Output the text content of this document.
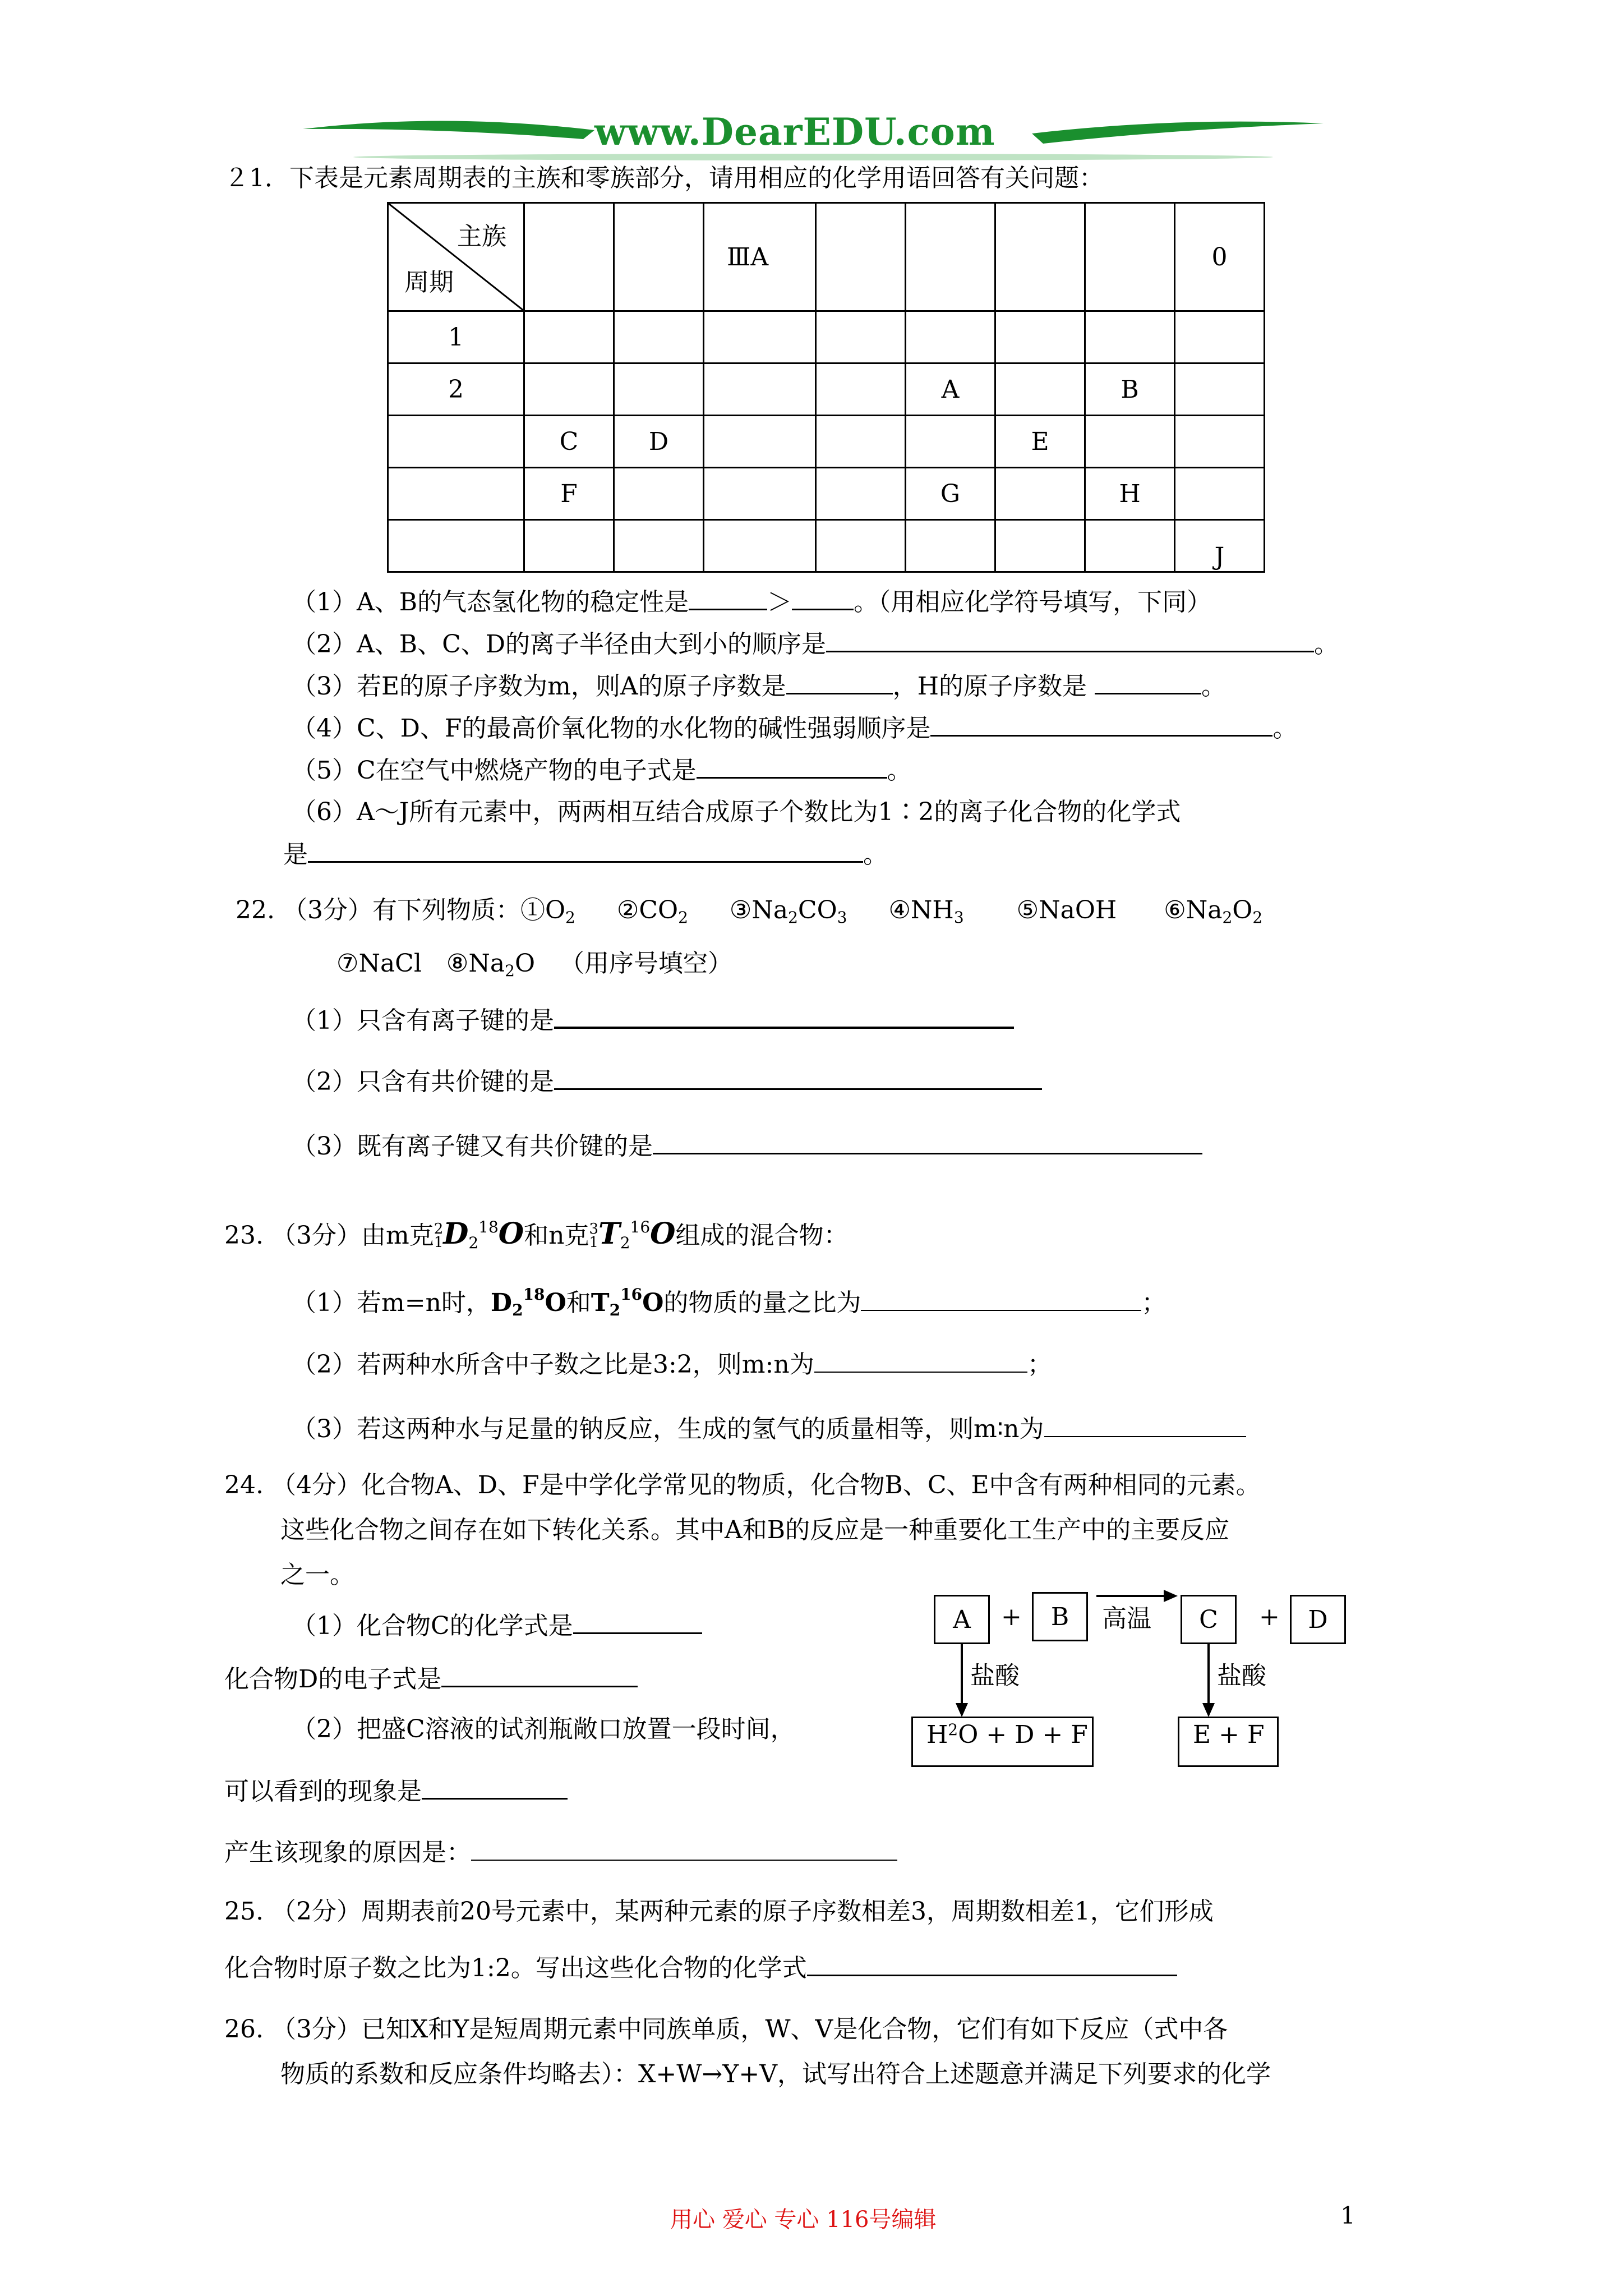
www.DearEDU.com
２1．下表是元素周期表的主族和零族部分，请用相应的化学用语回答有关问题：
主族
周期			ⅢA					0
1								
2					A		B	
	C	D				E		
	F				G		H	
								J
（1）A、B的气态氢化物的稳定性是	＞	。（用相应化学符号填写，下同）
（2）A、B、C、D的离子半径由大到小的顺序是	。
（3）若E的原子序数为m，则A的原子序数是	，H的原子序数是	。
（4）C、D、F的最高价氧化物的水化物的碱性强弱顺序是	。
（5）C在空气中燃烧产物的电子式是	。
（6）A～J所有元素中，两两相互结合成原子个数比为1∶2的离子化合物的化学式
是	。
22. （3分）有下列物质：$①O_2$ $②CO_2$ $③Na_2CO_3$ $④NH_3$ ⑤NaOH $⑥Na_2O_2$
⑦NaCl $⑧Na_2O$ （用序号填空）
（1）只含有离子键的是
（2）只含有共价键的是
（3）既有离子键又有共价键的是
23. （3分）由m克 2
1 $D_2^{18}O$和n克 3
1 $T_2^{16}O$组成的混合物：
（1）若m=n时，$D_2^{18}O$和$T_2^{16}O$的物质的量之比为	；
（2）若两种水所含中子数之比是3:2，则m:n为	；
（3）若这两种水与足量的钠反应，生成的氢气的质量相等，则m∶n为
24. （4分）化合物A、D、F是中学化学常见的物质，化合物B、C、E中含有两种相同的元素。
这些化合物之间存在如下转化关系。其中A和B的反应是一种重要化工生产中的主要反应
之一。
（1）化合物C的化学式是
化合物D的电子式是
（2）把盛C溶液的试剂瓶敞口放置一段时间，
可以看到的现象是
产生该现象的原因是：
A	+	B	高温	C	+	D
盐酸	盐酸
H 2 O + D + F	E + F
25. （2分）周期表前20号元素中，某两种元素的原子序数相差3，周期数相差1，它们形成
化合物时原子数之比为1:2。写出这些化合物的化学式
26. （3分）已知X和Y是短周期元素中同族单质，W、V是化合物，它们有如下反应（式中各
物质的系数和反应条件均略去）：X+W→Y+V，试写出符合上述题意并满足下列要求的化学
用心 爱心 专心 116号编辑	1
